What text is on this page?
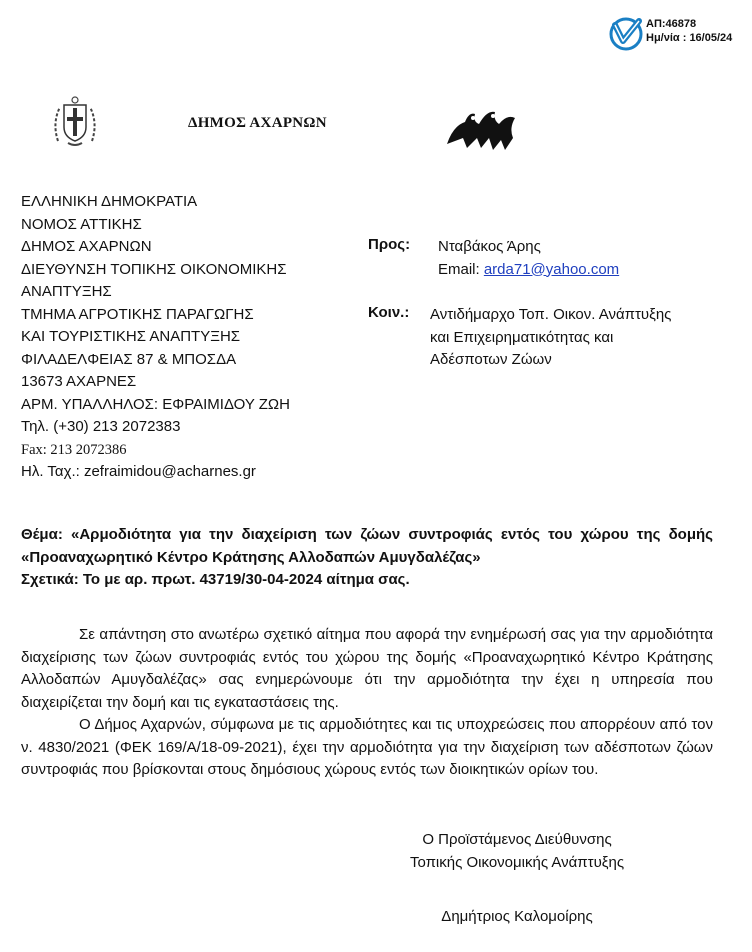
ΑΠ:46878
Ημ/νία : 16/05/24
ΔΗΜΟΣ ΑΧΑΡΝΩΝ
ΕΛΛΗΝΙΚΗ ΔΗΜΟΚΡΑΤΙΑ
ΝΟΜΟΣ ΑΤΤΙΚΗΣ
ΔΗΜΟΣ ΑΧΑΡΝΩΝ
ΔΙΕΥΘΥΝΣΗ ΤΟΠΙΚΗΣ ΟΙΚΟΝΟΜΙΚΗΣ
ΑΝΑΠΤΥΞΗΣ
ΤΜΗΜΑ ΑΓΡΟΤΙΚΗΣ ΠΑΡΑΓΩΓΗΣ
ΚΑΙ ΤΟΥΡΙΣΤΙΚΗΣ ΑΝΑΠΤΥΞΗΣ
ΦΙΛΑΔΕΛΦΕΙΑΣ 87 & ΜΠΟΣΔΑ
13673 ΑΧΑΡΝΕΣ
ΑΡΜ. ΥΠΑΛΛΗΛΟΣ: ΕΦΡΑΙΜΙΔΟΥ ΖΩΗ
Τηλ. (+30) 213 2072383
Fax: 213 2072386
Ηλ. Ταχ.: zefraimidou@acharnes.gr
Προς: Νταβάκος Άρης
Email: arda71@yahoo.com
Κοιν.: Αντιδήμαρχο Τοπ. Οικον. Ανάπτυξης
και Επιχειρηματικότητας και
Αδέσποτων Ζώων
Θέμα: «Αρμοδιότητα για την διαχείριση των ζώων συντροφιάς εντός του χώρου της δομής «Προαναχωρητικό Κέντρο Κράτησης Αλλοδαπών Αμυγδαλέζας»
Σχετικά: Το με αρ. πρωτ. 43719/30-04-2024 αίτημα σας.

Σε απάντηση στο ανωτέρω σχετικό αίτημα που αφορά την ενημέρωσή σας για την αρμοδιότητα διαχείρισης των ζώων συντροφιάς εντός του χώρου της δομής «Προαναχωρητικό Κέντρο Κράτησης Αλλοδαπών Αμυγδαλέζας» σας ενημερώνουμε ότι την αρμοδιότητα την έχει η υπηρεσία που διαχειρίζεται την δομή και τις εγκαταστάσεις της.

Ο Δήμος Αχαρνών, σύμφωνα με τις αρμοδιότητες και τις υποχρεώσεις που απορρέουν από τον ν. 4830/2021 (ΦΕΚ 169/Α/18-09-2021), έχει την αρμοδιότητα για την διαχείριση των αδέσποτων ζώων συντροφιάς που βρίσκονται στους δημόσιους χώρους εντός των διοικητικών ορίων του.

Ο Προϊστάμενος Διεύθυνσης
Τοπικής Οικονομικής Ανάπτυξης
Δημήτριος Καλομοίρης
